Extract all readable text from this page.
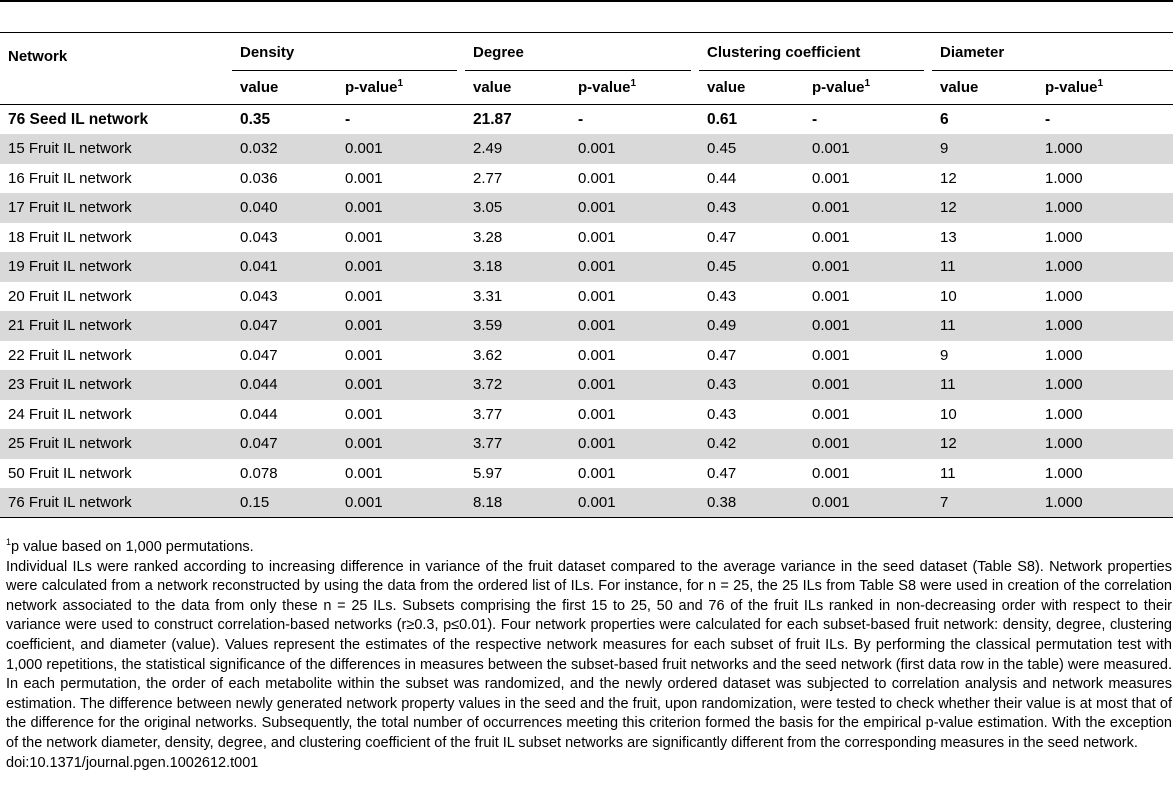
Network	Density		Degree		Clustering coefficient		Diameter	

	value	p-value$^1$	value	p-value$^1$	value	p-value$^1$	value	p-value$^1$
76 Seed IL network	0.35	-	21.87	-	0.61	-	6	-
15 Fruit IL network	0.032	0.001	2.49	0.001	0.45	0.001	9	1.000
16 Fruit IL network	0.036	0.001	2.77	0.001	0.44	0.001	12	1.000
17 Fruit IL network	0.040	0.001	3.05	0.001	0.43	0.001	12	1.000
18 Fruit IL network	0.043	0.001	3.28	0.001	0.47	0.001	13	1.000
19 Fruit IL network	0.041	0.001	3.18	0.001	0.45	0.001	11	1.000
20 Fruit IL network	0.043	0.001	3.31	0.001	0.43	0.001	10	1.000
21 Fruit IL network	0.047	0.001	3.59	0.001	0.49	0.001	11	1.000
22 Fruit IL network	0.047	0.001	3.62	0.001	0.47	0.001	9	1.000
23 Fruit IL network	0.044	0.001	3.72	0.001	0.43	0.001	11	1.000
24 Fruit IL network	0.044	0.001	3.77	0.001	0.43	0.001	10	1.000
25 Fruit IL network	0.047	0.001	3.77	0.001	0.42	0.001	12	1.000
50 Fruit IL network	0.078	0.001	5.97	0.001	0.47	0.001	11	1.000
76 Fruit IL network	0.15	0.001	8.18	0.001	0.38	0.001	7	1.000

$^1$p value based on 1,000 permutations.

Individual ILs were ranked according to increasing difference in variance of the fruit dataset compared to the average variance in the seed dataset (Table S8). Network properties were calculated from a network reconstructed by using the data from the ordered list of ILs. For instance, for n = 25, the 25 ILs from Table S8 were used in creation of the correlation network associated to the data from only these n = 25 ILs. Subsets comprising the first 15 to 25, 50 and 76 of the fruit ILs ranked in non-decreasing order with respect to their variance were used to construct correlation-based networks (r≥0.3, p≤0.01). Four network properties were calculated for each subset-based fruit network: density, degree, clustering coefficient, and diameter (value). Values represent the estimates of the respective network measures for each subset of fruit ILs. By performing the classical permutation test with 1,000 repetitions, the statistical significance of the differences in measures between the subset-based fruit networks and the seed network (first data row in the table) were measured. In each permutation, the order of each metabolite within the subset was randomized, and the newly ordered dataset was subjected to correlation analysis and network measures estimation. The difference between newly generated network property values in the seed and the fruit, upon randomization, were tested to check whether their value is at most that of the difference for the original networks. Subsequently, the total number of occurrences meeting this criterion formed the basis for the empirical p-value estimation. With the exception of the network diameter, density, degree, and clustering coefficient of the fruit IL subset networks are significantly different from the corresponding measures in the seed network.

doi:10.1371/journal.pgen.1002612.t001
